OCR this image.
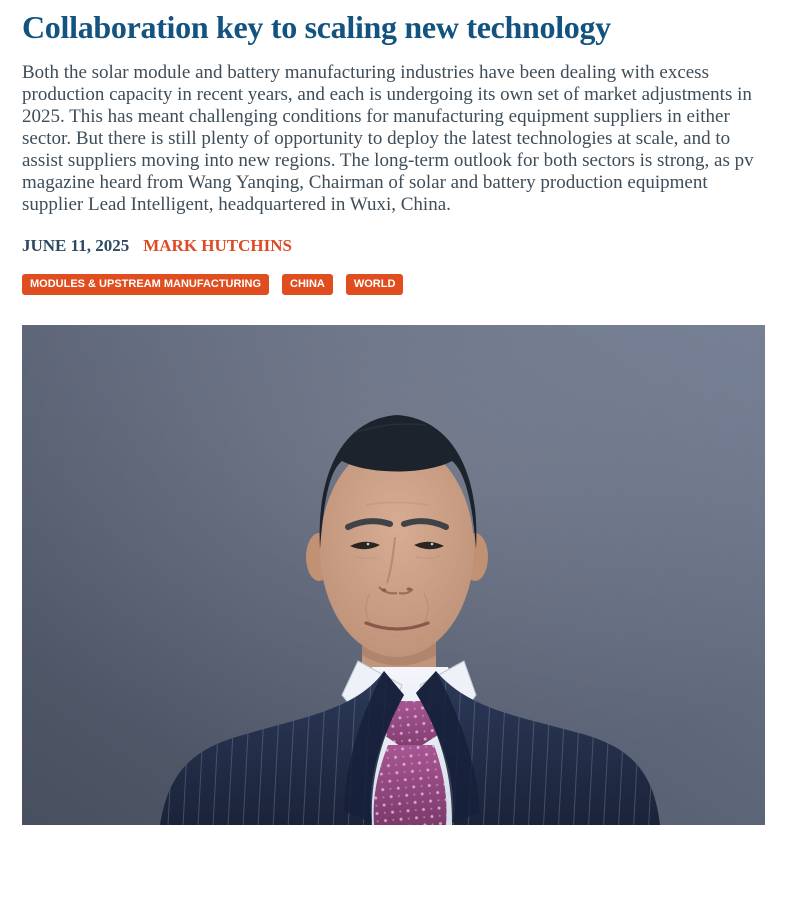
Collaboration key to scaling new technology

Both the solar module and battery manufacturing industries have been dealing with excess production capacity in recent years, and each is undergoing its own set of market adjustments in 2025. This has meant challenging conditions for manufacturing equipment suppliers in either sector. But there is still plenty of opportunity to deploy the latest technologies at scale, and to assist suppliers moving into new regions. The long-term outlook for both sectors is strong, as pv magazine heard from Wang Yanqing, Chairman of solar and battery production equipment supplier Lead Intelligent, headquartered in Wuxi, China.

JUNE 11, 2025 MARK HUTCHINS
MODULES & UPSTREAM MANUFACTURING	CHINA	WORLD
